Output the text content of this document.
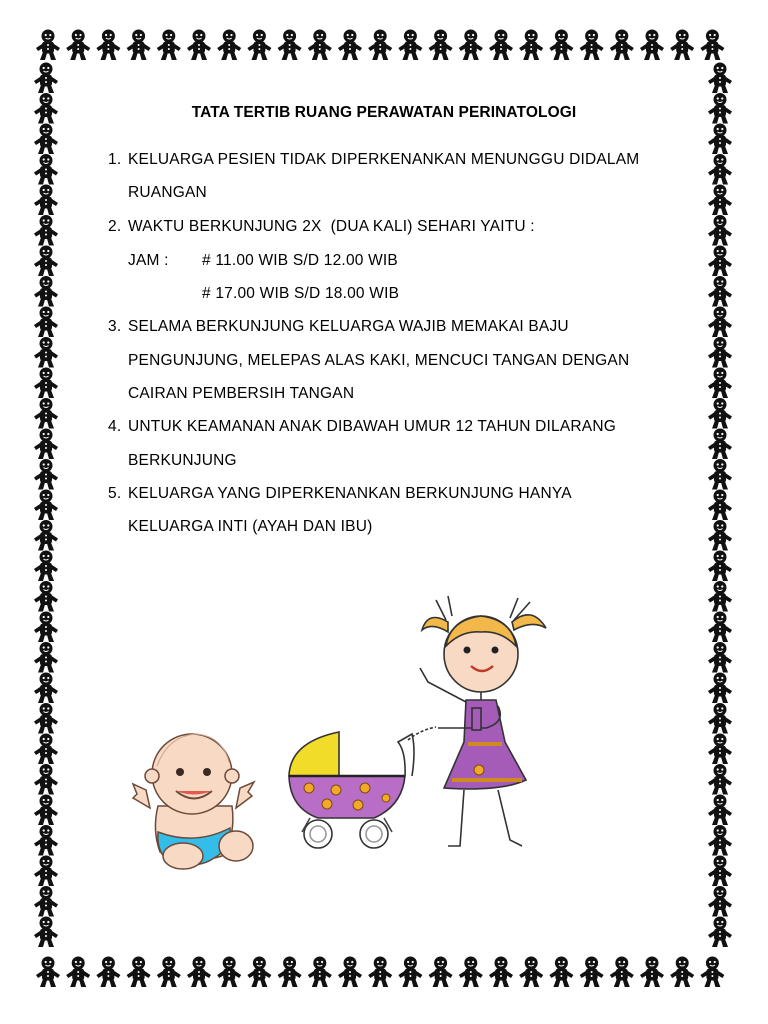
TATA TERTIB RUANG PERAWATAN PERINATOLOGI
1. KELUARGA PESIEN TIDAK DIPERKENANKAN MENUNGGU DIDALAM
RUANGAN
2. WAKTU BERKUNJUNG 2X  (DUA KALI) SEHARI YAITU :
JAM : # 11.00 WIB S/D 12.00 WIB
# 17.00 WIB S/D 18.00 WIB
3. SELAMA BERKUNJUNG KELUARGA WAJIB MEMAKAI BAJU
PENGUNJUNG, MELEPAS ALAS KAKI, MENCUCI TANGAN DENGAN
CAIRAN PEMBERSIH TANGAN
4. UNTUK KEAMANAN ANAK DIBAWAH UMUR 12 TAHUN DILARANG
BERKUNJUNG
5. KELUARGA YANG DIPERKENANKAN BERKUNJUNG HANYA
KELUARGA INTI (AYAH DAN IBU)
